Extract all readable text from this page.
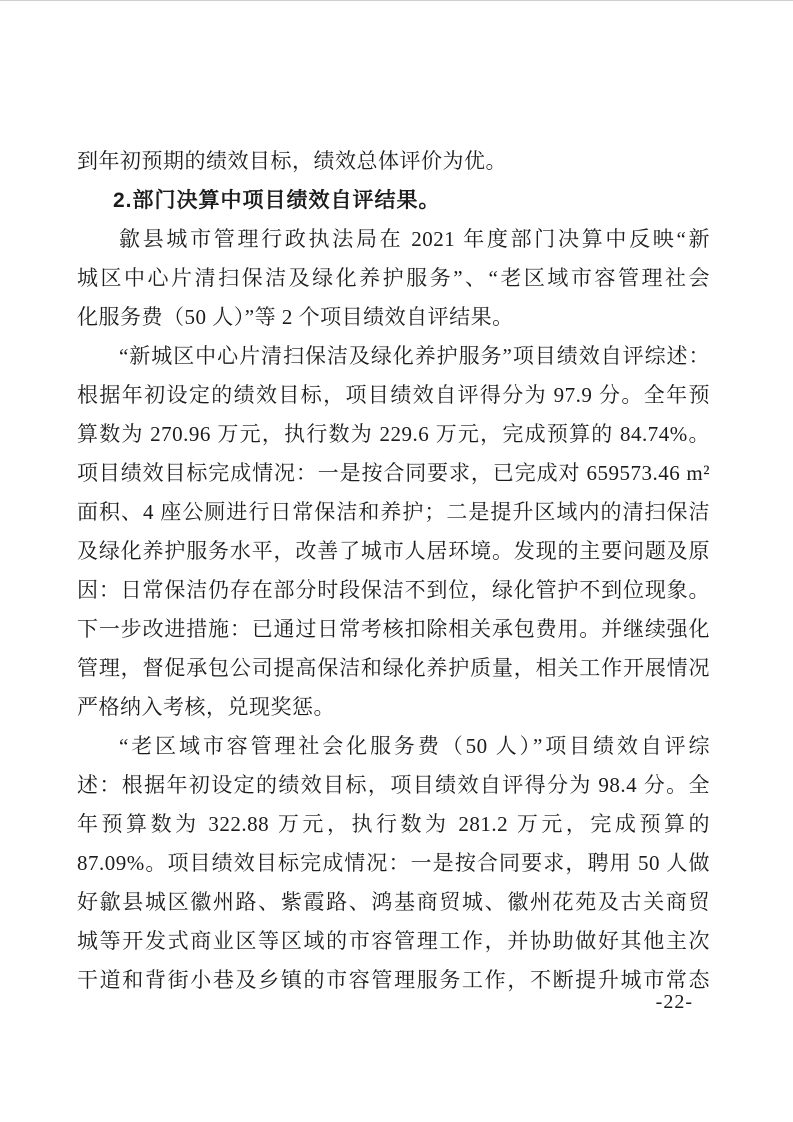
到年初预期的绩效目标，绩效总体评价为优。
2.部门决算中项目绩效自评结果。
歙县城市管理行政执法局在 2021 年度部门决算中反映“新
城区中心片清扫保洁及绿化养护服务”、“老区域市容管理社会
化服务费（50 人）”等 2 个项目绩效自评结果。
“新城区中心片清扫保洁及绿化养护服务”项目绩效自评综述：
根据年初设定的绩效目标，项目绩效自评得分为 97.9 分。全年预
算数为 270.96 万元，执行数为 229.6 万元，完成预算的 84.74%。
项目绩效目标完成情况：一是按合同要求，已完成对 659573.46 m²
面积、4 座公厕进行日常保洁和养护；二是提升区域内的清扫保洁
及绿化养护服务水平，改善了城市人居环境。发现的主要问题及原
因：日常保洁仍存在部分时段保洁不到位，绿化管护不到位现象。
下一步改进措施：已通过日常考核扣除相关承包费用。并继续强化
管理，督促承包公司提高保洁和绿化养护质量，相关工作开展情况
严格纳入考核，兑现奖惩。
“老区域市容管理社会化服务费（50 人）”项目绩效自评综
述：根据年初设定的绩效目标，项目绩效自评得分为 98.4 分。全
年预算数为 322.88 万元，执行数为 281.2 万元，完成预算的
87.09%。项目绩效目标完成情况：一是按合同要求，聘用 50 人做
好歙县城区徽州路、紫霞路、鸿基商贸城、徽州花苑及古关商贸
城等开发式商业区等区域的市容管理工作，并协助做好其他主次
干道和背街小巷及乡镇的市容管理服务工作，不断提升城市常态
-22-
